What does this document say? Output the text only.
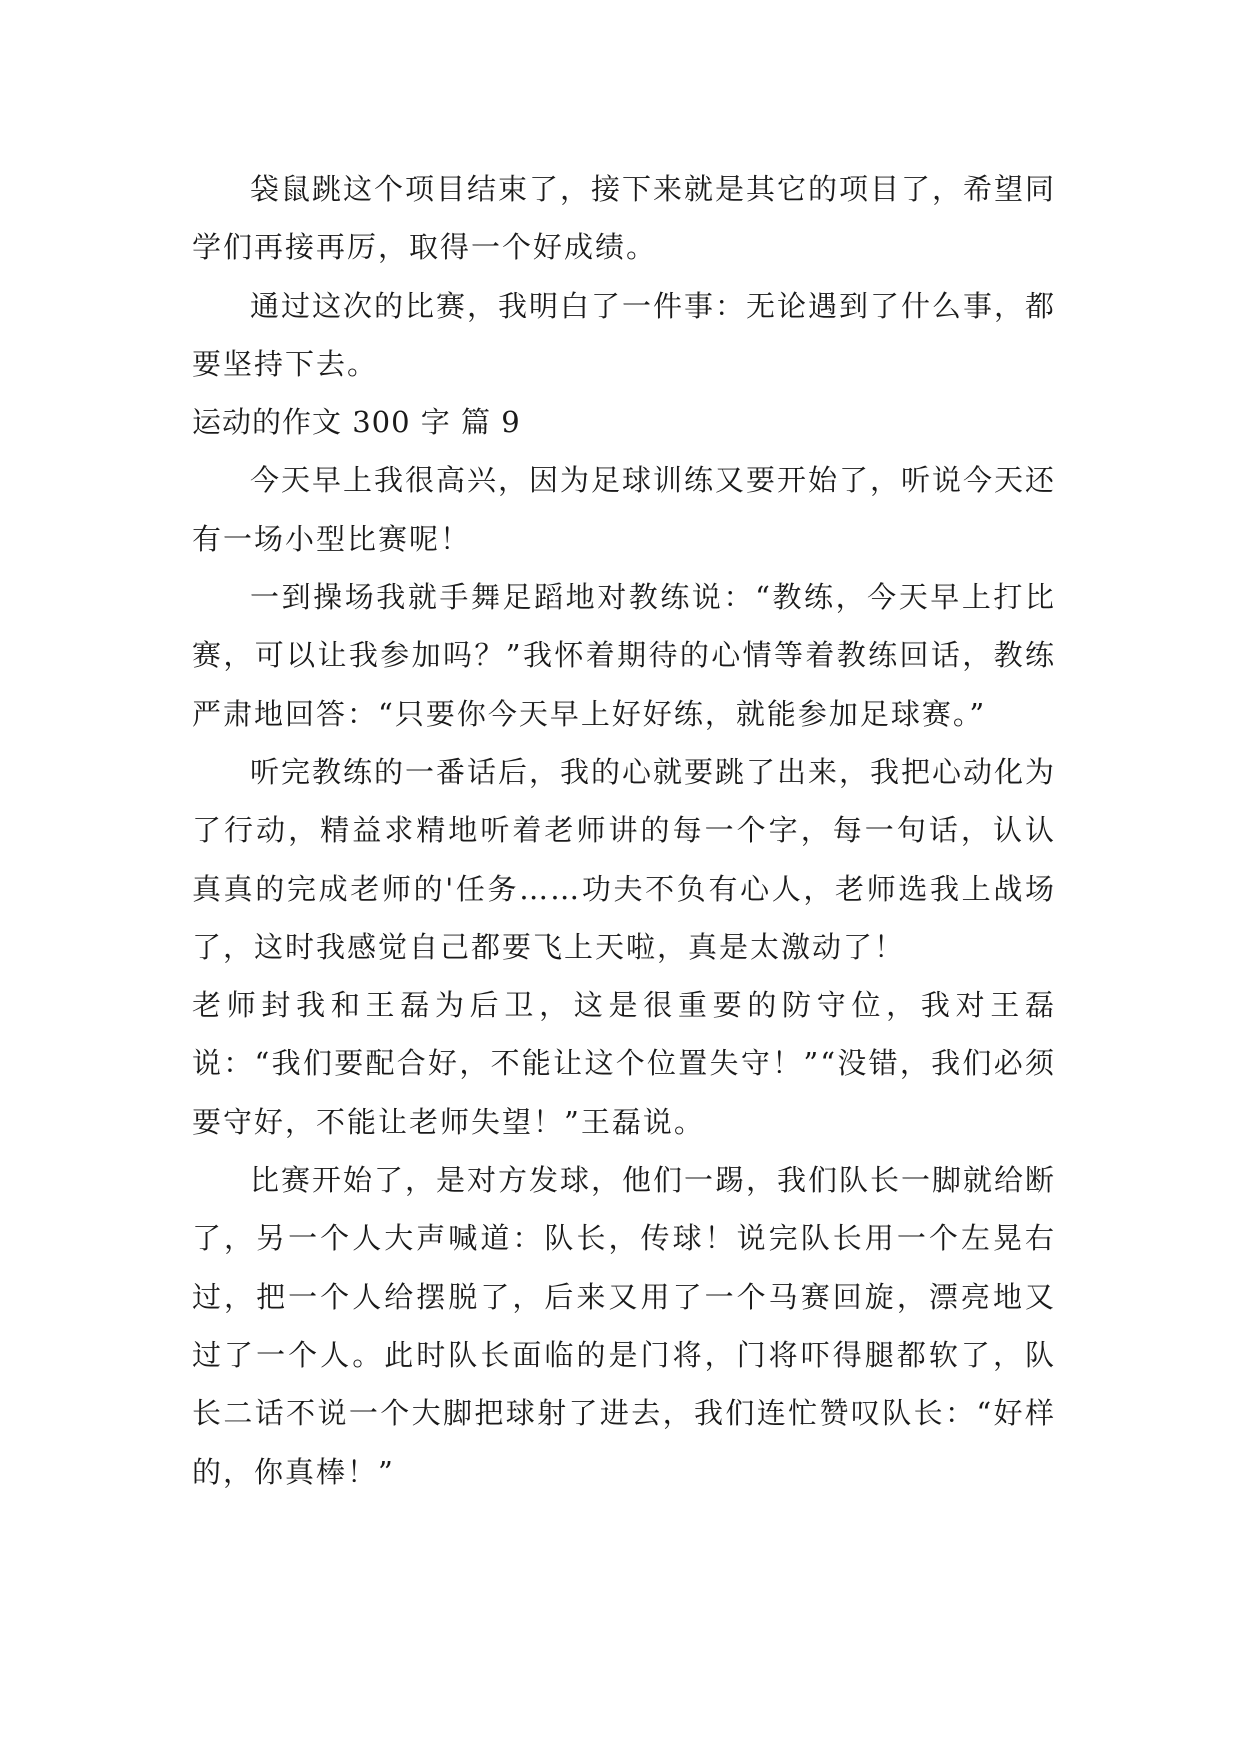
袋鼠跳这个项目结束了，接下来就是其它的项目了，希望同学们再接再厉，取得一个好成绩。

通过这次的比赛，我明白了一件事：无论遇到了什么事，都要坚持下去。

运动的作文 300 字 篇 9

今天早上我很高兴，因为足球训练又要开始了，听说今天还有一场小型比赛呢！

一到操场我就手舞足蹈地对教练说：“教练，今天早上打比赛，可以让我参加吗？”我怀着期待的心情等着教练回话，教练严肃地回答：“只要你今天早上好好练，就能参加足球赛。”

听完教练的一番话后，我的心就要跳了出来，我把心动化为了行动，精益求精地听着老师讲的每一个字，每一句话，认认真真的完成老师的'任务……功夫不负有心人，老师选我上战场了，这时我感觉自己都要飞上天啦，真是太激动了！

老师封我和王磊为后卫，这是很重要的防守位，我对王磊说：“我们要配合好，不能让这个位置失守！”“没错，我们必须要守好，不能让老师失望！”王磊说。

比赛开始了，是对方发球，他们一踢，我们队长一脚就给断了，另一个人大声喊道：队长，传球！说完队长用一个左晃右过，把一个人给摆脱了，后来又用了一个马赛回旋，漂亮地又过了一个人。此时队长面临的是门将，门将吓得腿都软了，队长二话不说一个大脚把球射了进去，我们连忙赞叹队长：“好样的，你真棒！”
